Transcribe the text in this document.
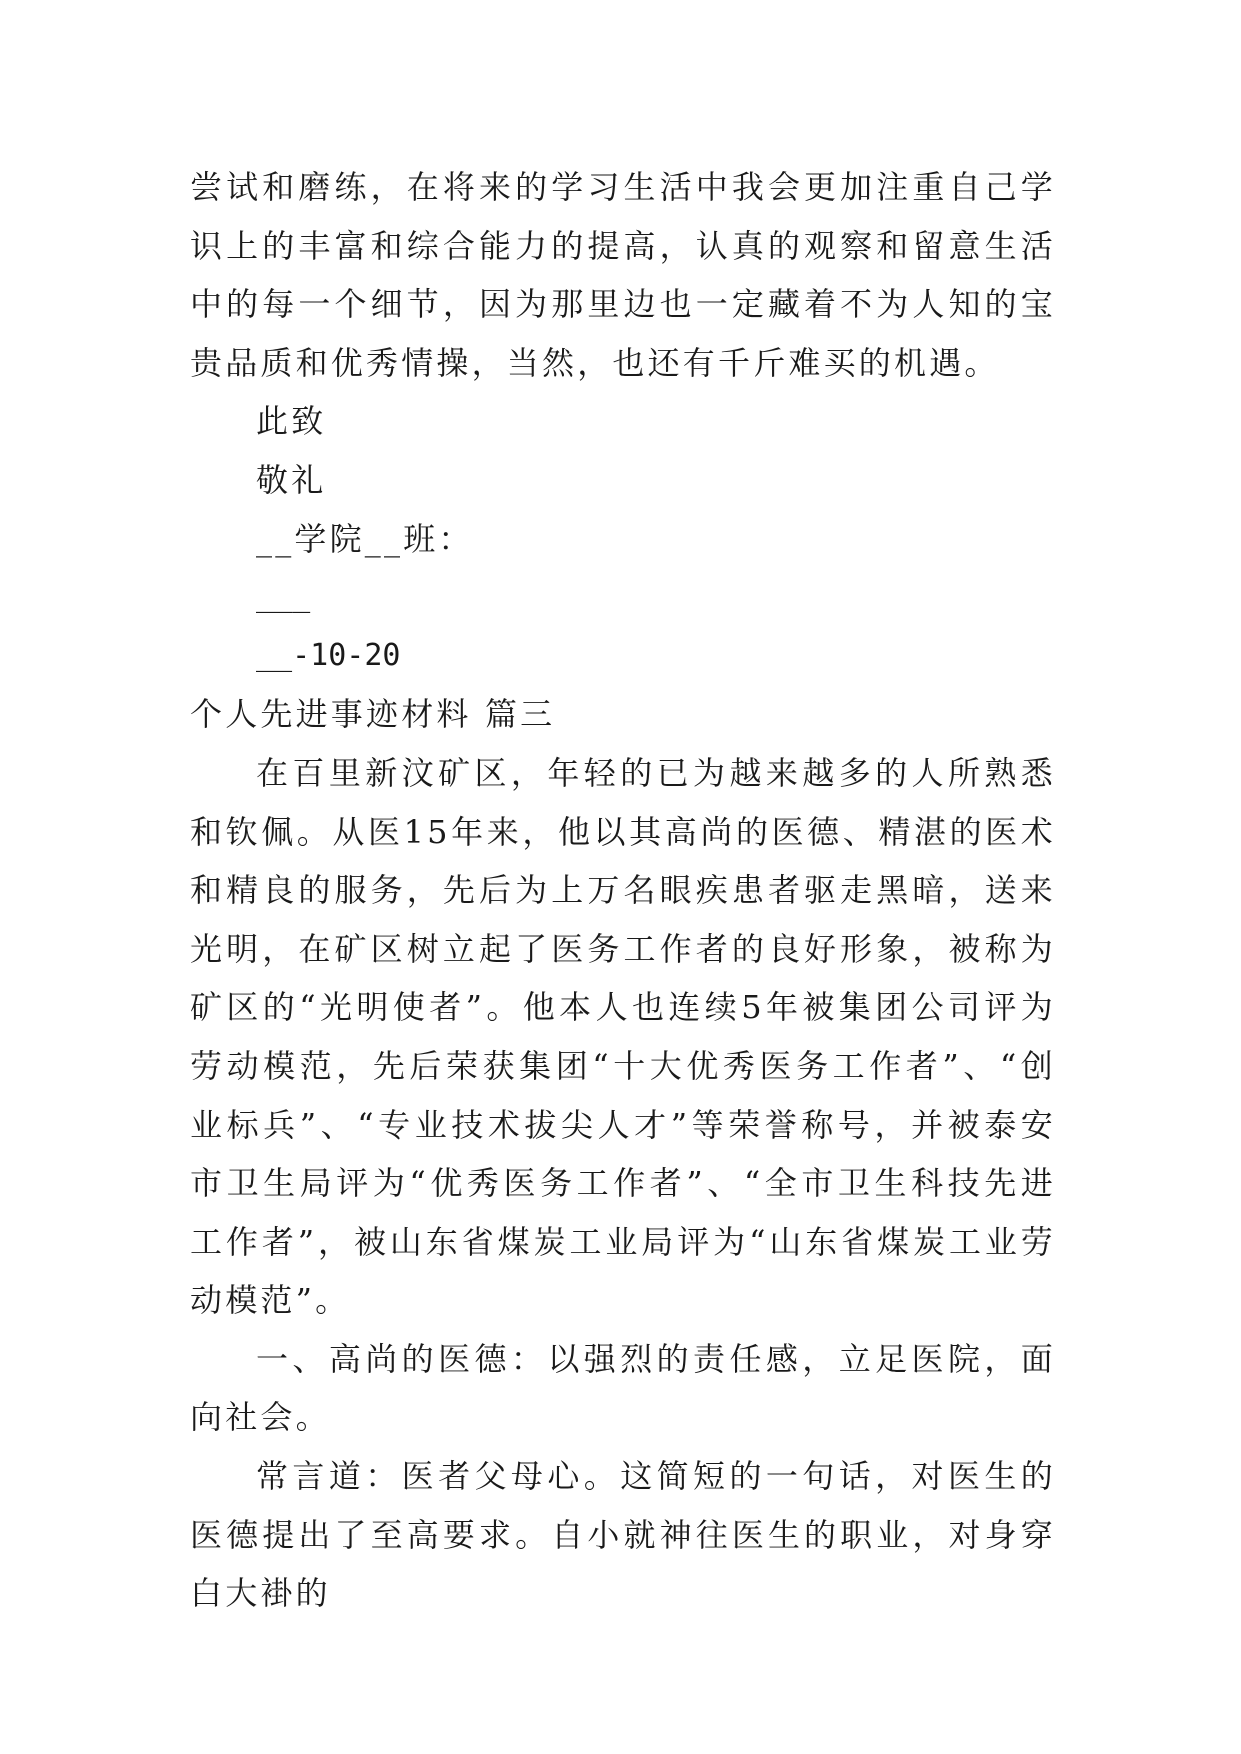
尝试和磨练，在将来的学习生活中我会更加注重自己学识上的丰富和综合能力的提高，认真的观察和留意生活中的每一个细节，因为那里边也一定藏着不为人知的宝贵品质和优秀情操，当然，也还有千斤难买的机遇。

此致

敬礼

__学院__班：

___

__-10-20

个人先进事迹材料 篇三

在百里新汶矿区，年轻的已为越来越多的人所熟悉和钦佩。从医15年来，他以其高尚的医德、精湛的医术和精良的服务，先后为上万名眼疾患者驱走黑暗，送来光明，在矿区树立起了医务工作者的良好形象，被称为矿区的“光明使者”。他本人也连续5年被集团公司评为劳动模范，先后荣获集团“十大优秀医务工作者”、“创业标兵”、“专业技术拔尖人才”等荣誉称号，并被泰安市卫生局评为“优秀医务工作者”、“全市卫生科技先进工作者”，被山东省煤炭工业局评为“山东省煤炭工业劳动模范”。

一、高尚的医德：以强烈的责任感，立足医院，面向社会。

常言道：医者父母心。这简短的一句话，对医生的医德提出了至高要求。自小就神往医生的职业，对身穿白大褂的
